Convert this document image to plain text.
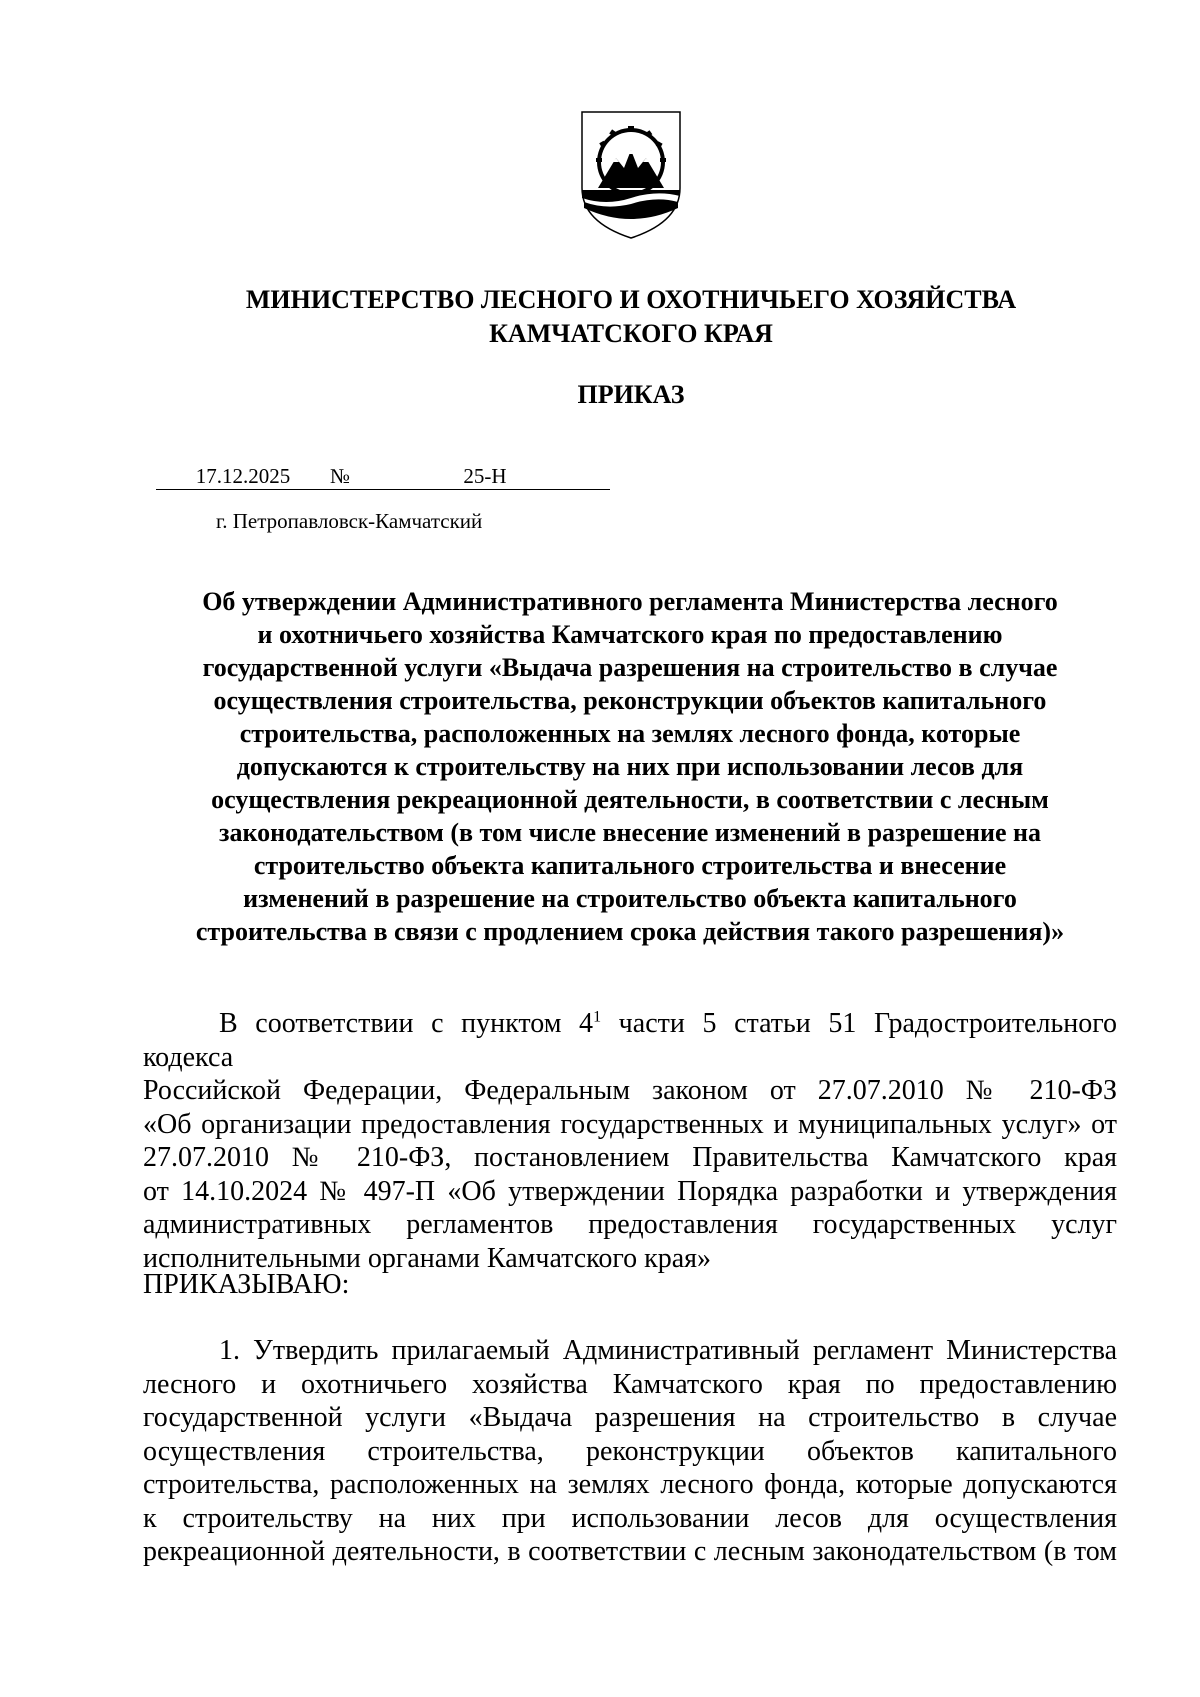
МИНИСТЕРСТВО ЛЕСНОГО И ОХОТНИЧЬЕГО ХОЗЯЙСТВА
КАМЧАТСКОГО КРАЯ
ПРИКАЗ
17.12.2025 №	25-Н
г. Петропавловск-Камчатский
Об утверждении Административного регламента Министерства лесного
и охотничьего хозяйства Камчатского края по предоставлению
государственной услуги «Выдача разрешения на строительство в случае
осуществления строительства, реконструкции объектов капитального
строительства, расположенных на землях лесного фонда, которые
допускаются к строительству на них при использовании лесов для
осуществления рекреационной деятельности, в соответствии с лесным
законодательством (в том числе внесение изменений в разрешение на
строительство объекта капитального строительства и внесение
изменений в разрешение на строительство объекта капитального
строительства в связи с продлением срока действия такого разрешения)»
В соответствии с пунктом $4^1$ части 5 статьи 51 Градостроительного кодекса
Российской Федерации, Федеральным законом от 27.07.2010 № 210-ФЗ
«Об организации предоставления государственных и муниципальных услуг» от
27.07.2010 № 210-ФЗ, постановлением Правительства Камчатского края
от 14.10.2024 № 497-П «Об утверждении Порядка разработки и утверждения
административных регламентов предоставления государственных услуг
исполнительными органами Камчатского края»
ПРИКАЗЫВАЮ:
1. Утвердить прилагаемый Административный регламент Министерства
лесного и охотничьего хозяйства Камчатского края по предоставлению
государственной услуги «Выдача разрешения на строительство в случае
осуществления строительства, реконструкции объектов капитального
строительства, расположенных на землях лесного фонда, которые допускаются
к строительству на них при использовании лесов для осуществления
рекреационной деятельности, в соответствии с лесным законодательством (в том
